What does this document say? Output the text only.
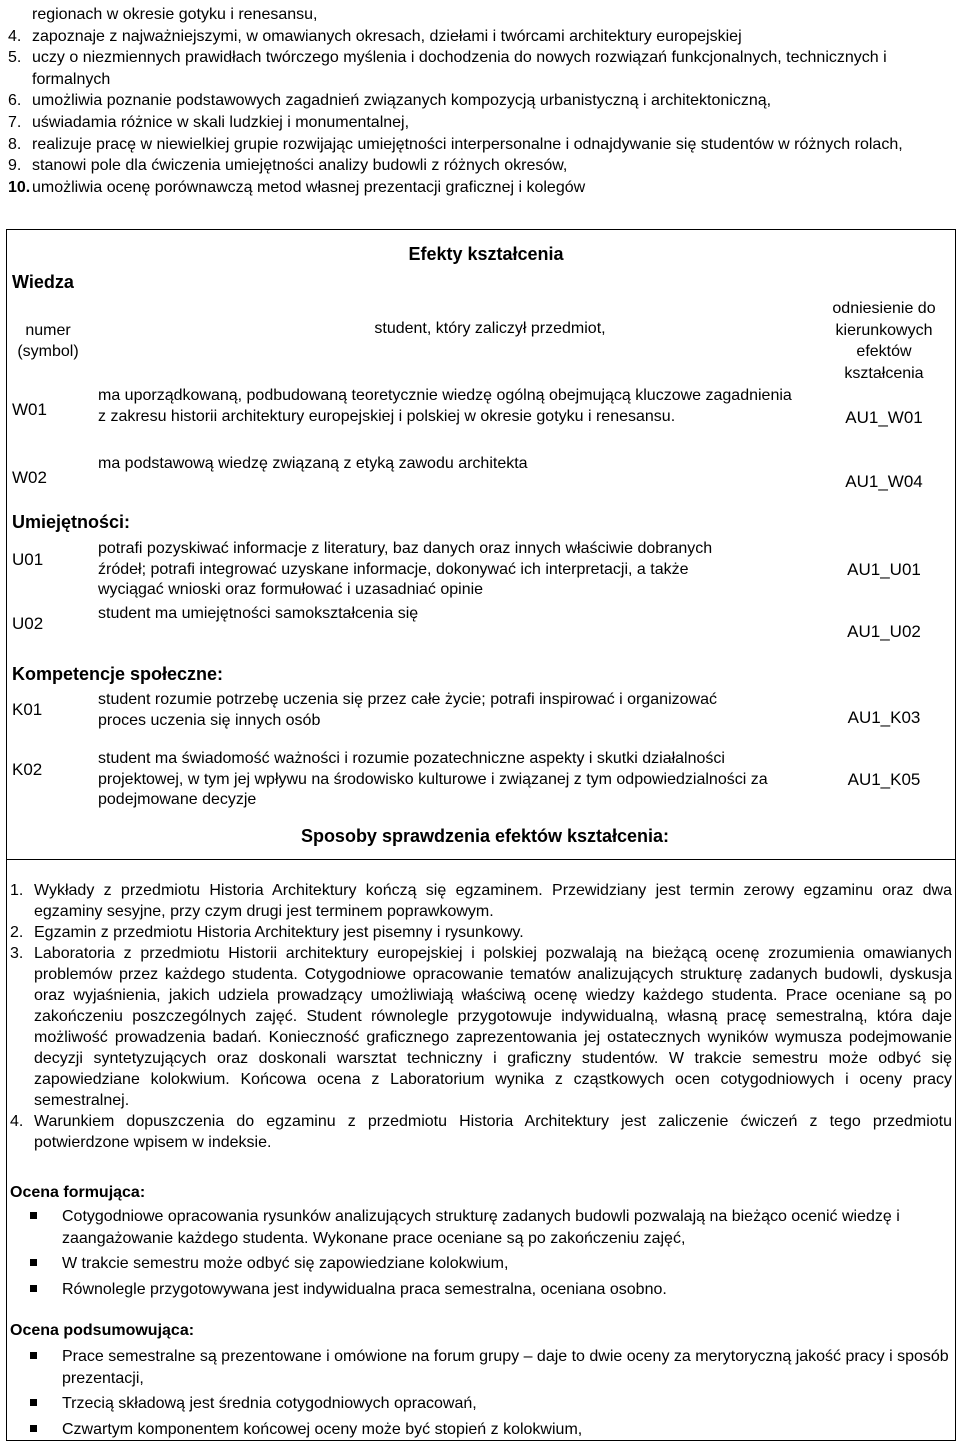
regionach w okresie gotyku i renesansu,
4. zapoznaje z najważniejszymi, w omawianych okresach, dziełami i twórcami architektury europejskiej
5. uczy o niezmiennych prawidłach twórczego myślenia i dochodzenia do nowych rozwiązań funkcjonalnych, technicznych i formalnych
6. umożliwia poznanie podstawowych zagadnień związanych kompozycją urbanistyczną i architektoniczną,
7. uświadamia różnice w skali ludzkiej i monumentalnej,
8. realizuje pracę w niewielkiej grupie rozwijając umiejętności interpersonalne i odnajdywanie się studentów w różnych rolach,
9. stanowi pole dla ćwiczenia umiejętności analizy budowli z różnych okresów,
10. umożliwia ocenę porównawczą metod własnej prezentacji graficznej i kolegów
Efekty kształcenia
Wiedza
numer
(symbol)
student, który zaliczył przedmiot,
odniesienie do
kierunkowych
efektów
kształcenia
W01
ma uporządkowaną, podbudowaną teoretycznie wiedzę ogólną obejmującą kluczowe zagadnienia z zakresu historii architektury europejskiej i polskiej w okresie gotyku i renesansu.	AU1_W01
W02
ma podstawową wiedzę związaną z etyką zawodu architekta
AU1_W04
Umiejętności:
U01
potrafi pozyskiwać informacje z literatury, baz danych oraz innych właściwie dobranych źródeł; potrafi integrować uzyskane informacje, dokonywać ich interpretacji, a także wyciągać wnioski oraz formułować i uzasadniać opinie
AU1_U01
U02
student ma umiejętności samokształcenia się
AU1_U02
Kompetencje społeczne:
K01
student rozumie potrzebę uczenia się przez całe życie; potrafi inspirować i organizować proces uczenia się innych osób	AU1_K03
K02
student ma świadomość ważności i rozumie pozatechniczne aspekty i skutki działalności projektowej, w tym jej wpływu na środowisko kulturowe i związanej z tym odpowiedzialności za podejmowane decyzje
AU1_K05
Sposoby sprawdzenia efektów kształcenia:
1. Wykłady z przedmiotu Historia Architektury kończą się egzaminem. Przewidziany jest termin zerowy egzaminu oraz dwa egzaminy sesyjne, przy czym drugi jest terminem poprawkowym.
2. Egzamin z przedmiotu Historia Architektury jest pisemny i rysunkowy.
3. Laboratoria z przedmiotu Historii architektury europejskiej i polskiej pozwalają na bieżącą ocenę zrozumienia omawianych problemów przez każdego studenta. Cotygodniowe opracowanie tematów analizujących strukturę zadanych budowli, dyskusja oraz wyjaśnienia, jakich udziela prowadzący umożliwiają właściwą ocenę wiedzy każdego studenta. Prace oceniane są po zakończeniu poszczególnych zajęć. Student równolegle przygotowuje indywidualną, własną pracę semestralną, która daje możliwość prowadzenia badań. Konieczność graficznego zaprezentowania jej ostatecznych wyników wymusza podejmowanie decyzji syntetyzujących oraz doskonali warsztat techniczny i graficzny studentów. W trakcie semestru może odbyć się zapowiedziane kolokwium. Końcowa ocena z Laboratorium wynika z cząstkowych ocen cotygodniowych i oceny pracy semestralnej.
4. Warunkiem dopuszczenia do egzaminu z przedmiotu Historia Architektury jest zaliczenie ćwiczeń z tego przedmiotu potwierdzone wpisem w indeksie.
Ocena formująca:
Cotygodniowe opracowania rysunków analizujących strukturę zadanych budowli pozwalają na bieżąco ocenić wiedzę i zaangażowanie każdego studenta. Wykonane prace oceniane są po zakończeniu zajęć,
W trakcie semestru może odbyć się zapowiedziane kolokwium,
Równolegle przygotowywana jest indywidualna praca semestralna, oceniana osobno.
Ocena podsumowująca:
Prace semestralne są prezentowane i omówione na forum grupy – daje to dwie oceny za merytoryczną jakość pracy i sposób prezentacji,
Trzecią składową jest średnia cotygodniowych opracowań,
Czwartym komponentem końcowej oceny może być stopień z kolokwium,
